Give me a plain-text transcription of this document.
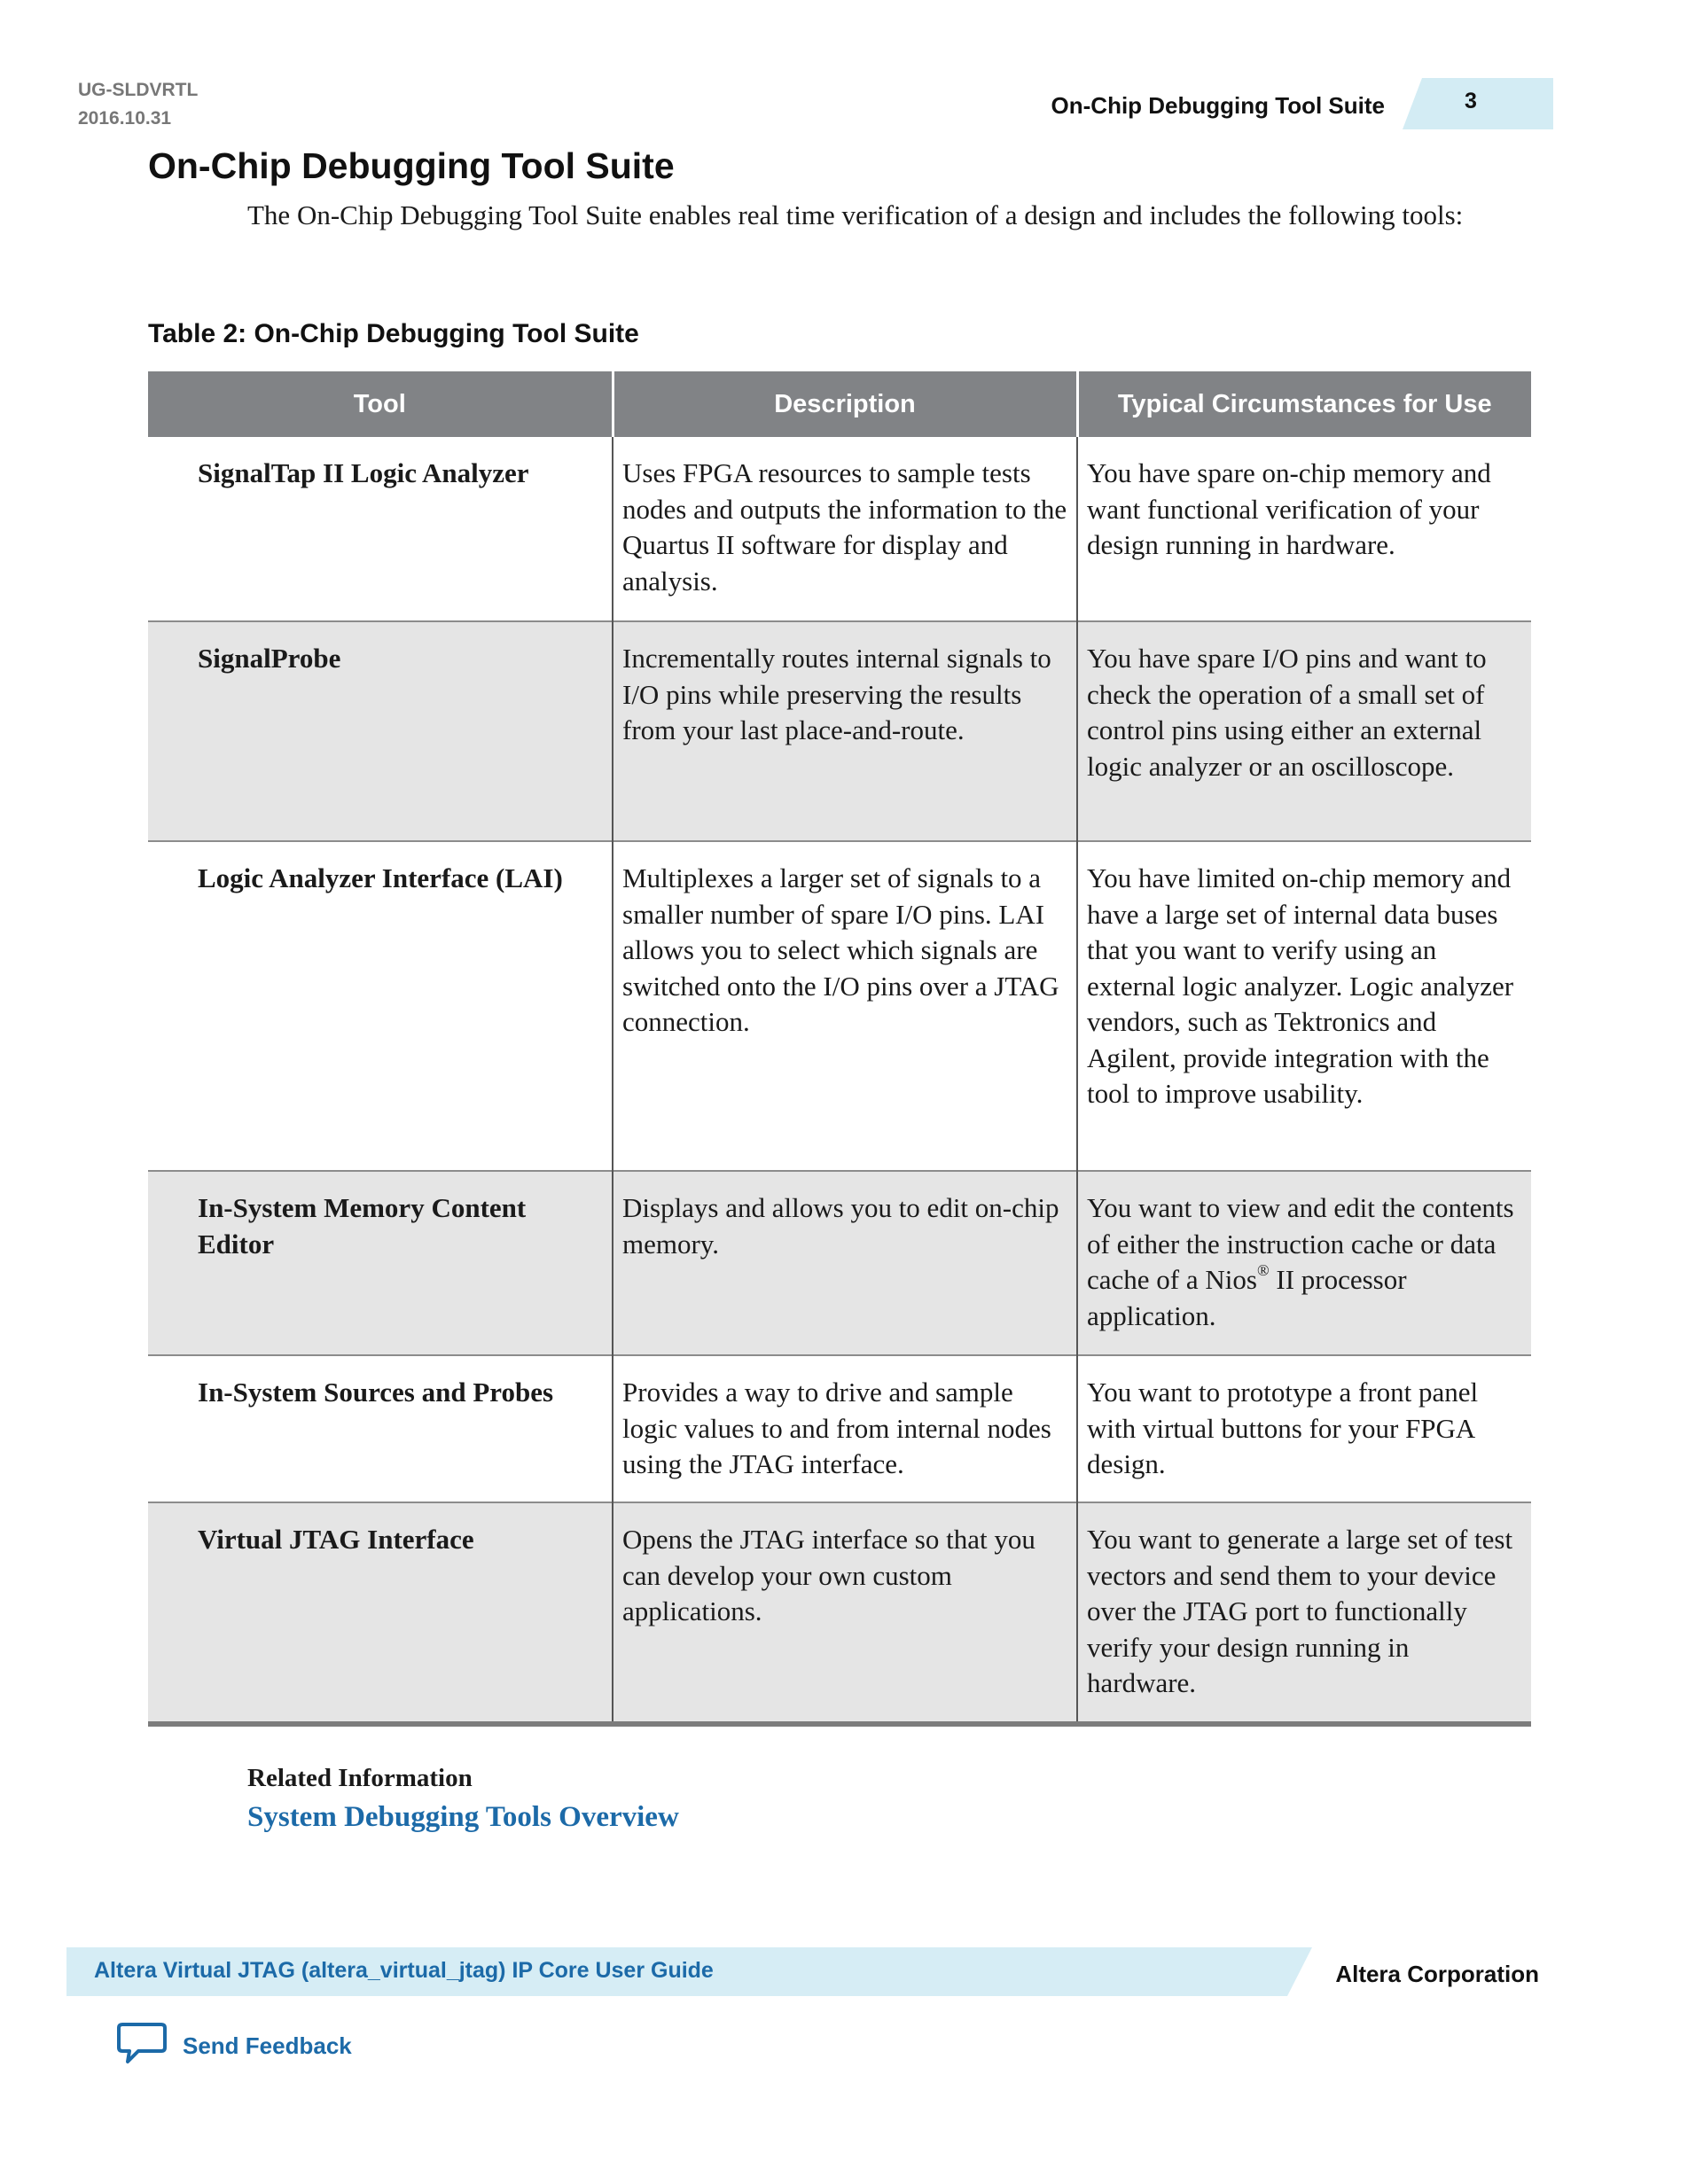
UG-SLDVRTL
2016.10.31	On-Chip Debugging Tool Suite	3
On-Chip Debugging Tool Suite

The On-Chip Debugging Tool Suite enables real time verification of a design and includes the following tools:

Table 2: On-Chip Debugging Tool Suite
Tool	Description	Typical Circumstances for Use
SignalTap II Logic Analyzer	Uses FPGA resources to sample tests nodes and outputs the information to the Quartus II software for display and analysis.	You have spare on-chip memory and want functional verification of your design running in hardware.
SignalProbe	Incrementally routes internal signals to I/O pins while preserving the results from your last place-and-route.	You have spare I/O pins and want to check the operation of a small set of control pins using either an external logic analyzer or an oscilloscope.
Logic Analyzer Interface (LAI)	Multiplexes a larger set of signals to a smaller number of spare I/O pins. LAI allows you to select which signals are switched onto the I/O pins over a JTAG connection.	You have limited on-chip memory and have a large set of internal data buses that you want to verify using an external logic analyzer. Logic analyzer vendors, such as Tektronics and Agilent, provide integration with the tool to improve usability.
In-System Memory Content Editor	Displays and allows you to edit on-chip memory.	You want to view and edit the contents of either the instruction cache or data cache of a Nios® II processor application.
In-System Sources and Probes	Provides a way to drive and sample logic values to and from internal nodes using the JTAG interface.	You want to prototype a front panel with virtual buttons for your FPGA design.
Virtual JTAG Interface	Opens the JTAG interface so that you can develop your own custom applications.	You want to generate a large set of test vectors and send them to your device over the JTAG port to functionally verify your design running in hardware.

Related Information

System Debugging Tools Overview
Altera Virtual JTAG (altera_virtual_jtag) IP Core User Guide	Altera Corporation
Send Feedback
